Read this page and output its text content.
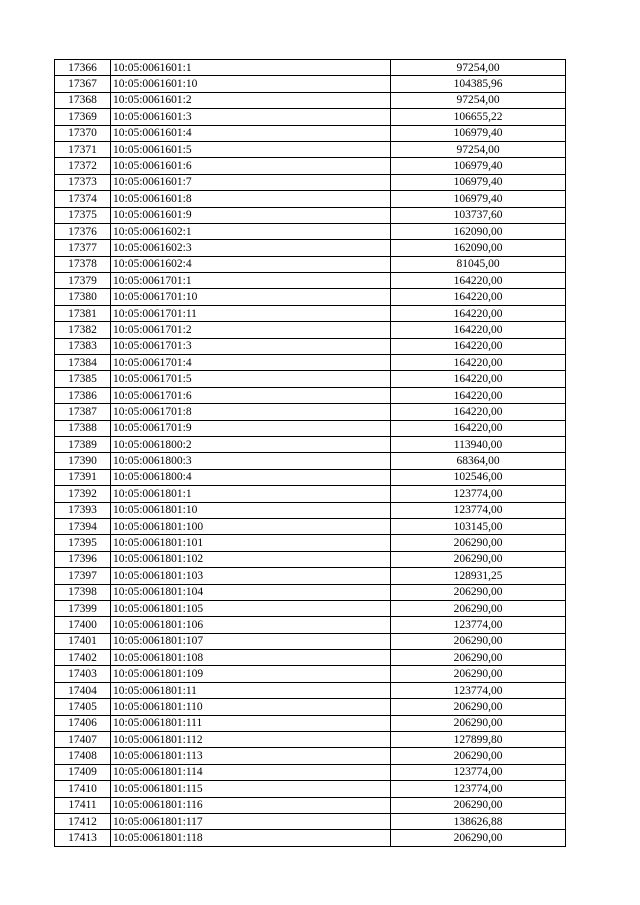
17366	10:05:0061601:1	97254,00
17367	10:05:0061601:10	104385,96
17368	10:05:0061601:2	97254,00
17369	10:05:0061601:3	106655,22
17370	10:05:0061601:4	106979,40
17371	10:05:0061601:5	97254,00
17372	10:05:0061601:6	106979,40
17373	10:05:0061601:7	106979,40
17374	10:05:0061601:8	106979,40
17375	10:05:0061601:9	103737,60
17376	10:05:0061602:1	162090,00
17377	10:05:0061602:3	162090,00
17378	10:05:0061602:4	81045,00
17379	10:05:0061701:1	164220,00
17380	10:05:0061701:10	164220,00
17381	10:05:0061701:11	164220,00
17382	10:05:0061701:2	164220,00
17383	10:05:0061701:3	164220,00
17384	10:05:0061701:4	164220,00
17385	10:05:0061701:5	164220,00
17386	10:05:0061701:6	164220,00
17387	10:05:0061701:8	164220,00
17388	10:05:0061701:9	164220,00
17389	10:05:0061800:2	113940,00
17390	10:05:0061800:3	68364,00
17391	10:05:0061800:4	102546,00
17392	10:05:0061801:1	123774,00
17393	10:05:0061801:10	123774,00
17394	10:05:0061801:100	103145,00
17395	10:05:0061801:101	206290,00
17396	10:05:0061801:102	206290,00
17397	10:05:0061801:103	128931,25
17398	10:05:0061801:104	206290,00
17399	10:05:0061801:105	206290,00
17400	10:05:0061801:106	123774,00
17401	10:05:0061801:107	206290,00
17402	10:05:0061801:108	206290,00
17403	10:05:0061801:109	206290,00
17404	10:05:0061801:11	123774,00
17405	10:05:0061801:110	206290,00
17406	10:05:0061801:111	206290,00
17407	10:05:0061801:112	127899,80
17408	10:05:0061801:113	206290,00
17409	10:05:0061801:114	123774,00
17410	10:05:0061801:115	123774,00
17411	10:05:0061801:116	206290,00
17412	10:05:0061801:117	138626,88
17413	10:05:0061801:118	206290,00
